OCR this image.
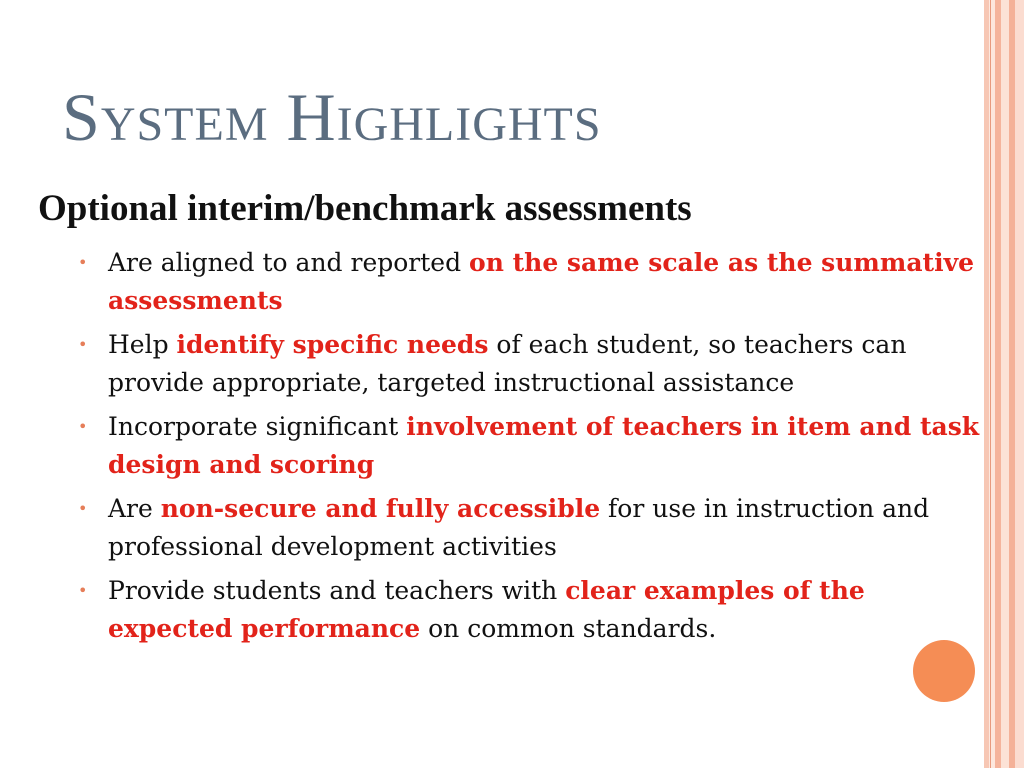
System Highlights

Optional interim/benchmark assessments

• Are aligned to and reported on the same scale as the summative assessments
• Help identify specific needs of each student, so teachers can provide appropriate, targeted instructional assistance
• Incorporate significant involvement of teachers in item and task design and scoring
• Are non-secure and fully accessible for use in instruction and professional development activities
• Provide students and teachers with clear examples of the expected performance on common standards.
